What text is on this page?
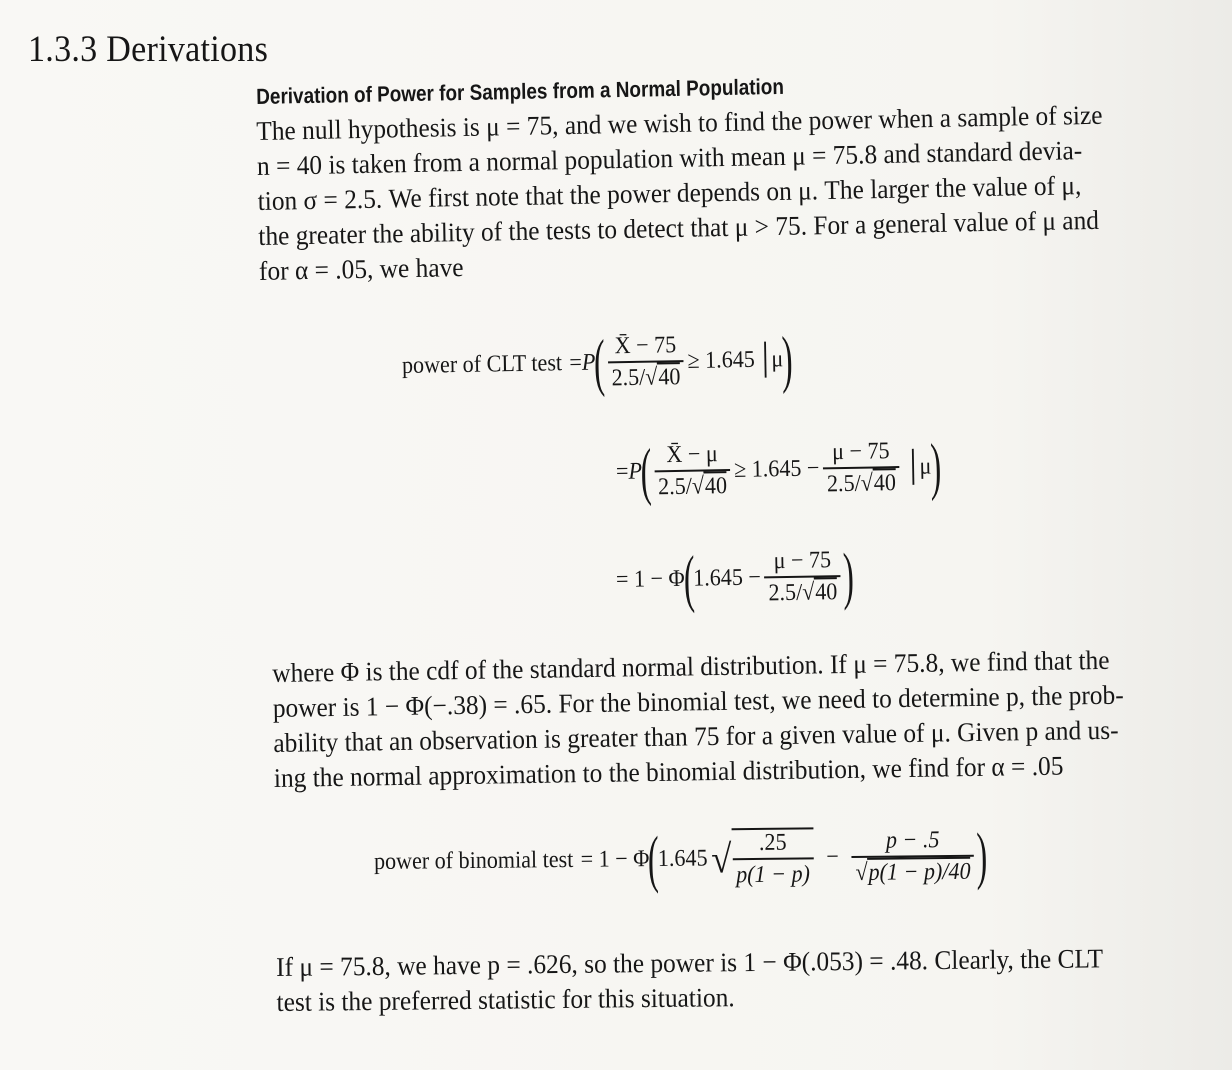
1.3.3 Derivations
Derivation of Power for Samples from a Normal Population
The null hypothesis is μ = 75, and we wish to find the power when a sample of size
n = 40 is taken from a normal population with mean μ = 75.8 and standard devia-
tion σ = 2.5. We first note that the power depends on μ. The larger the value of μ,
the greater the ability of the tests to detect that μ > 75. For a general value of μ and
for α = .05, we have
power of CLT test = P
( $\frac{X̄ - 75}{2.5/√40} \ge 1.645$ μ
)
= P
( $\frac{X̄ - \mu}{2.5/√40} \ge 1.645 - \frac{\mu - 75}{2.5/√40}$ μ
)
= 1 − Φ
(
$1.645 - \frac{\mu - 75}{2.5/√40}$ )
where Φ is the cdf of the standard normal distribution. If μ = 75.8, we find that the
power is 1 − Φ(−.38) = .65. For the binomial test, we need to determine p, the prob-
ability that an observation is greater than 75 for a given value of μ. Given p and us-
ing the normal approximation to the binomial distribution, we find for α = .05
power of binomial test = 1 − Φ
(
1.645 √ $\frac{.25}{p(1 - p)} - \frac{p - .5}{√p(1 - p)/40}$ )
If μ = 75.8, we have p = .626, so the power is 1 − Φ(.053) = .48. Clearly, the CLT
test is the preferred statistic for this situation.
